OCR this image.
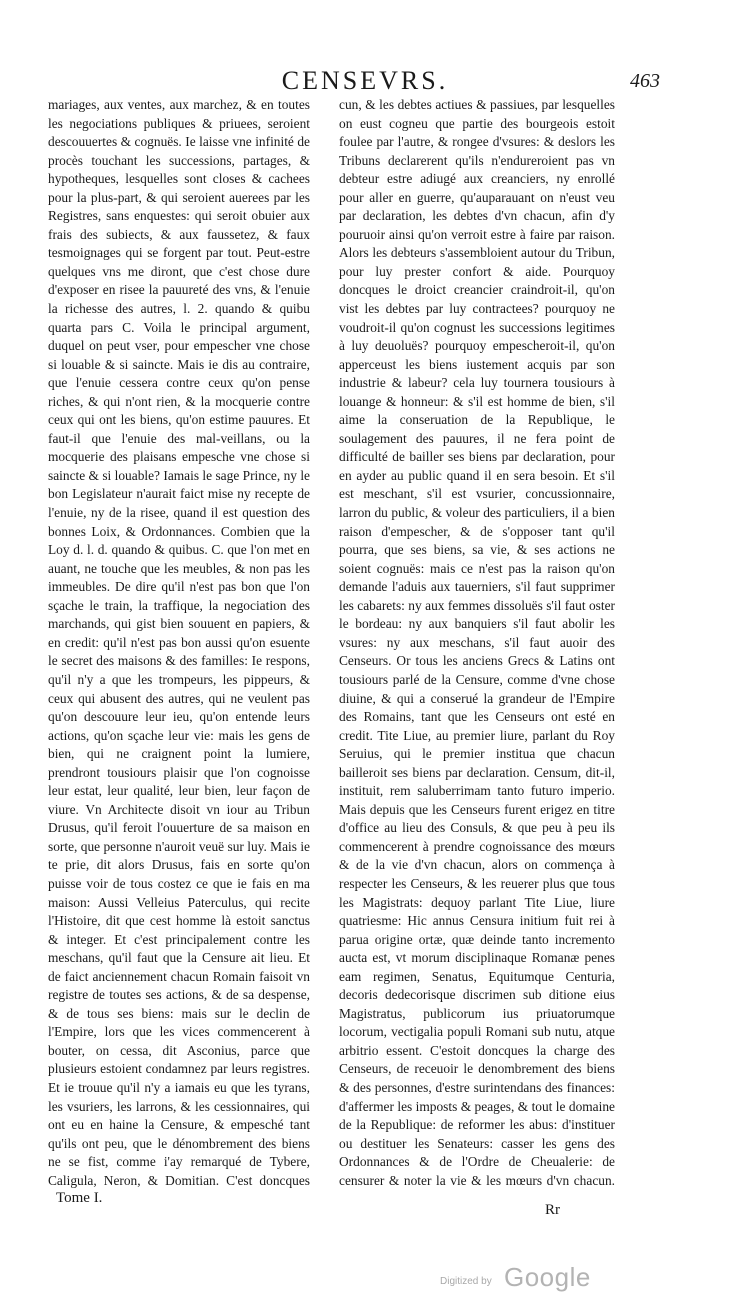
CENSEVRS.	463

mariages, aux ventes, aux marchez, & en toutes les negociations publiques & priuees, seroient descouuertes & cognuës. Ie laisse vne infinité de procès touchant les successions, partages, & hypotheques, lesquelles sont closes & cachees pour la plus-part, & qui seroient auerees par les Registres, sans enquestes: qui seroit obuier aux frais des subiects, & aux faussetez, & faux tesmoignages qui se forgent par tout. Peut-estre quelques vns me diront, que c'est chose dure d'exposer en risee la pauureté des vns, & l'enuie la richesse des autres, l. 2. quando & quibu quarta pars C. Voila le principal argument, duquel on peut vser, pour empescher vne chose si louable & si saincte. Mais ie dis au contraire, que l'enuie cessera contre ceux qu'on pense riches, & qui n'ont rien, & la mocquerie contre ceux qui ont les biens, qu'on estime pauures. Et faut-il que l'enuie des mal-veillans, ou la mocquerie des plaisans empesche vne chose si saincte & si louable? Iamais le sage Prince, ny le bon Legislateur n'aurait faict mise ny recepte de l'enuie, ny de la risee, quand il est question des bonnes Loix, & Ordonnances. Combien que la Loy d. l. d. quando & quibus. C. que l'on met en auant, ne touche que les meubles, & non pas les immeubles. De dire qu'il n'est pas bon que l'on sçache le train, la traffique, la negociation des marchands, qui gist bien souuent en papiers, & en credit: qu'il n'est pas bon aussi qu'on esuente le secret des maisons & des familles: Ie respons, qu'il n'y a que les trompeurs, les pippeurs, & ceux qui abusent des autres, qui ne veulent pas qu'on descouure leur ieu, qu'on entende leurs actions, qu'on sçache leur vie: mais les gens de bien, qui ne craignent point la lumiere, prendront tousiours plaisir que l'on cognoisse leur estat, leur qualité, leur bien, leur façon de viure. Vn Architecte disoit vn iour au Tribun Drusus, qu'il feroit l'ouuerture de sa maison en sorte, que personne n'auroit veuë sur luy. Mais ie te prie, dit alors Drusus, fais en sorte qu'on puisse voir de tous costez ce que ie fais en ma maison: Aussi Velleius Paterculus, qui recite l'Histoire, dit que cest homme là estoit sanctus & integer. Et c'est principalement contre les meschans, qu'il faut que la Censure ait lieu. Et de faict anciennement chacun Romain faisoit vn registre de toutes ses actions, & de sa despense, & de tous ses biens: mais sur le declin de l'Empire, lors que les vices commencerent à bouter, on cessa, dit Asconius, parce que plusieurs estoient condamnez par leurs registres. Et ie trouue qu'il n'y a iamais eu que les tyrans, les vsuriers, les larrons, & les cessionnaires, qui ont eu en haine la Censure, & empesché tant qu'ils ont peu, que le dénombrement des biens ne se fist, comme i'ay remarqué de Tybere, Caligula, Neron, & Domitian. C'est doncques

cun, & les debtes actiues & passiues, par lesquelles on eust cogneu que partie des bourgeois estoit foulee par l'autre, & rongee d'vsures: & deslors les Tribuns declarerent qu'ils n'endureroient pas vn debteur estre adiugé aux creanciers, ny enrollé pour aller en guerre, qu'auparauant on n'eust veu par declaration, les debtes d'vn chacun, afin d'y pouruoir ainsi qu'on verroit estre à faire par raison. Alors les debteurs s'assembloient autour du Tribun, pour luy prester confort & aide. Pourquoy doncques le droict creancier craindroit-il, qu'on vist les debtes par luy contractees? pourquoy ne voudroit-il qu'on cognust les successions legitimes à luy deuoluës? pourquoy empescheroit-il, qu'on apperceust les biens iustement acquis par son industrie & labeur? cela luy tournera tousiours à louange & honneur: & s'il est homme de bien, s'il aime la conseruation de la Republique, le soulagement des pauures, il ne fera point de difficulté de bailler ses biens par declaration, pour en ayder au public quand il en sera besoin. Et s'il est meschant, s'il est vsurier, concussionnaire, larron du public, & voleur des particuliers, il a bien raison d'empescher, & de s'opposer tant qu'il pourra, que ses biens, sa vie, & ses actions ne soient cognuës: mais ce n'est pas la raison qu'on demande l'aduis aux tauerniers, s'il faut supprimer les cabarets: ny aux femmes dissoluës s'il faut oster le bordeau: ny aux banquiers s'il faut abolir les vsures: ny aux meschans, s'il faut auoir des Censeurs. Or tous les anciens Grecs & Latins ont tousiours parlé de la Censure, comme d'vne chose diuine, & qui a conserué la grandeur de l'Empire des Romains, tant que les Censeurs ont esté en credit. Tite Liue, au premier liure, parlant du Roy Seruius, qui le premier institua que chacun bailleroit ses biens par declaration. Censum, dit-il, instituit, rem saluberrimam tanto futuro imperio. Mais depuis que les Censeurs furent erigez en titre d'office au lieu des Consuls, & que peu à peu ils commencerent à prendre cognoissance des mœurs & de la vie d'vn chacun, alors on commença à respecter les Censeurs, & les reuerer plus que tous les Magistrats: dequoy parlant Tite Liue, liure quatriesme: Hic annus Censura initium fuit rei à parua origine ortæ, quæ deinde tanto incremento aucta est, vt morum disciplinaque Romanæ penes eam regimen, Senatus, Equitumque Centuria, decoris dedecorisque discrimen sub ditione eius Magistratus, publicorum ius priuatorumque locorum, vectigalia populi Romani sub nutu, atque arbitrio essent. C'estoit doncques la charge des Censeurs, de receuoir le denombrement des biens & des personnes, d'estre surintendans des finances: d'affermer les imposts & peages, & tout le domaine de la Republique: de reformer les abus: d'instituer ou destituer les Senateurs: casser les gens des Ordonnances & de l'Ordre de Cheualerie: de censurer & noter la vie & les mœurs d'vn chacun.

Tome I.
Rr
Digitized by Google
